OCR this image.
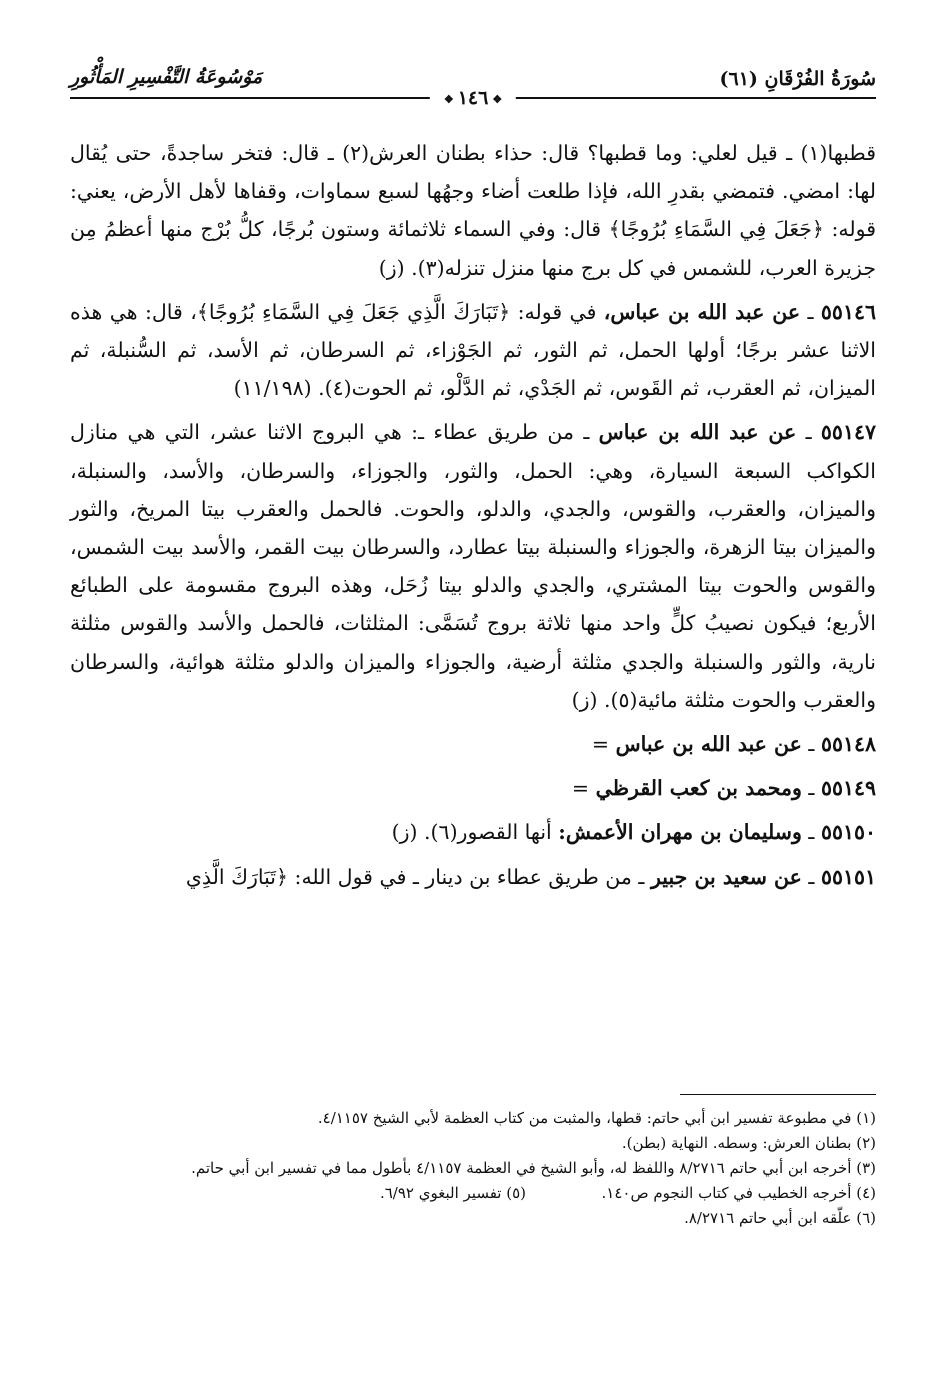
سُورَةُ الفُرْقَانِ (٦١)
مَوْسُوعَةُ التَّفْسِيرِ المَأْثُورِ
❖ ١٤٦ ❖

قطبها(١) ـ قيل لعلي: وما قطبها؟ قال: حذاء بطنان العرش(٢) ـ قال: فتخر ساجدةً، حتى يُقال لها: امضي. فتمضي بقدرِ الله، فإذا طلعت أضاء وجهُها لسبع سماوات، وقفاها لأهل الأرض، يعني: قوله: ﴿جَعَلَ فِي السَّمَاءِ بُرُوجًا﴾ قال: وفي السماء ثلاثمائة وستون بُرجًا، كلُّ بُرْج منها أعظمُ مِن جزيرة العرب، للشمس في كل برج منها منزل تنزله(٣). (ز)

٥٥١٤٦ ـ عن عبد الله بن عباس، في قوله: ﴿تَبَارَكَ الَّذِي جَعَلَ فِي السَّمَاءِ بُرُوجًا﴾، قال: هي هذه الاثنا عشر برجًا؛ أولها الحمل، ثم الثور، ثم الجَوْزاء، ثم السرطان، ثم الأسد، ثم السُّنبلة، ثم الميزان، ثم العقرب، ثم القَوس، ثم الجَدْي، ثم الدَّلْو، ثم الحوت(٤). (١١/١٩٨)

٥٥١٤٧ ـ عن عبد الله بن عباس ـ من طريق عطاء ـ: هي البروج الاثنا عشر، التي هي منازل الكواكب السبعة السيارة، وهي: الحمل، والثور، والجوزاء، والسرطان، والأسد، والسنبلة، والميزان، والعقرب، والقوس، والجدي، والدلو، والحوت. فالحمل والعقرب بيتا المريخ، والثور والميزان بيتا الزهرة، والجوزاء والسنبلة بيتا عطارد، والسرطان بيت القمر، والأسد بيت الشمس، والقوس والحوت بيتا المشتري، والجدي والدلو بيتا زُحَل، وهذه البروج مقسومة على الطبائع الأربع؛ فيكون نصيبُ كلٍّ واحد منها ثلاثة بروج تُسَمَّى: المثلثات، فالحمل والأسد والقوس مثلثة نارية، والثور والسنبلة والجدي مثلثة أرضية، والجوزاء والميزان والدلو مثلثة هوائية، والسرطان والعقرب والحوت مثلثة مائية(٥). (ز)

٥٥١٤٨ ـ عن عبد الله بن عباس =

٥٥١٤٩ ـ ومحمد بن كعب القرظي =

٥٥١٥٠ ـ وسليمان بن مهران الأعمش: أنها القصور(٦). (ز)

٥٥١٥١ ـ عن سعيد بن جبير ـ من طريق عطاء بن دينار ـ في قول الله: ﴿تَبَارَكَ الَّذِي

(١) في مطبوعة تفسير ابن أبي حاتم: قطها، والمثبت من كتاب العظمة لأبي الشيخ ٤/١١٥٧.
(٢) بطنان العرش: وسطه. النهاية (بطن).
(٣) أخرجه ابن أبي حاتم ٨/٢٧١٦ واللفظ له، وأبو الشيخ في العظمة ٤/١١٥٧ بأطول مما في تفسير ابن أبي حاتم.
(٤) أخرجه الخطيب في كتاب النجوم ص١٤٠.
(٥) تفسير البغوي ٦/٩٢.
(٦) علّقه ابن أبي حاتم ٨/٢٧١٦.
